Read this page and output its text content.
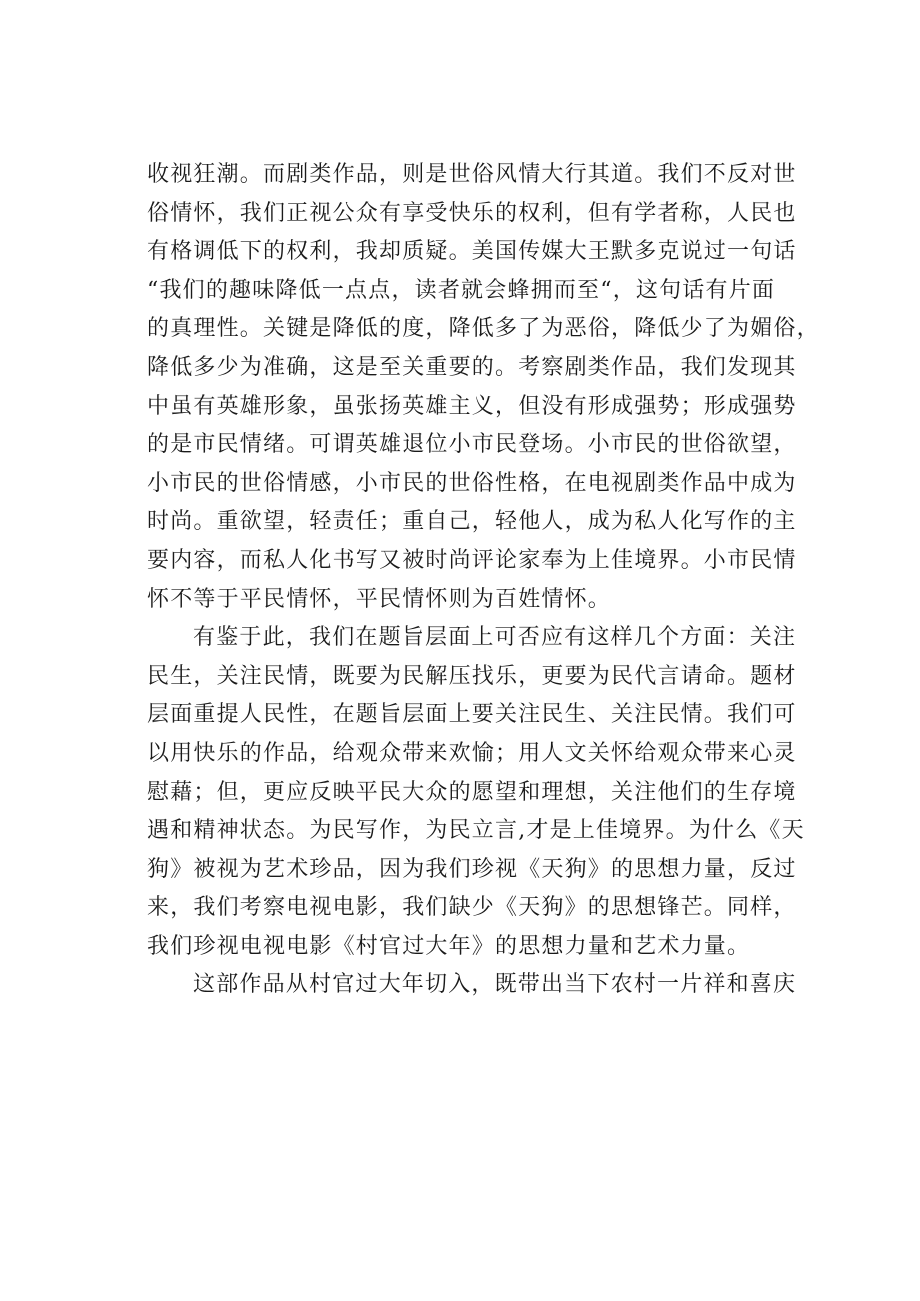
收视狂潮。而剧类作品，则是世俗风情大行其道。我们不反对世
俗情怀，我们正视公众有享受快乐的权利，但有学者称，人民也
有格调低下的权利，我却质疑。美国传媒大王默多克说过一句话
“我们的趣味降低一点点，读者就会蜂拥而至“，这句话有片面
的真理性。关键是降低的度，降低多了为恶俗，降低少了为媚俗，
降低多少为准确，这是至关重要的。考察剧类作品，我们发现其
中虽有英雄形象，虽张扬英雄主义，但没有形成强势；形成强势
的是市民情绪。可谓英雄退位小市民登场。小市民的世俗欲望，
小市民的世俗情感，小市民的世俗性格，在电视剧类作品中成为
时尚。重欲望，轻责任；重自己，轻他人，成为私人化写作的主
要内容，而私人化书写又被时尚评论家奉为上佳境界。小市民情
怀不等于平民情怀，平民情怀则为百姓情怀。
有鉴于此，我们在题旨层面上可否应有这样几个方面：关注
民生，关注民情，既要为民解压找乐，更要为民代言请命。题材
层面重提人民性，在题旨层面上要关注民生、关注民情。我们可
以用快乐的作品，给观众带来欢愉；用人文关怀给观众带来心灵
慰藉；但，更应反映平民大众的愿望和理想，关注他们的生存境
遇和精神状态。为民写作，为民立言,才是上佳境界。为什么《天
狗》被视为艺术珍品，因为我们珍视《天狗》的思想力量，反过
来，我们考察电视电影，我们缺少《天狗》的思想锋芒。同样，
我们珍视电视电影《村官过大年》的思想力量和艺术力量。
这部作品从村官过大年切入，既带出当下农村一片祥和喜庆
